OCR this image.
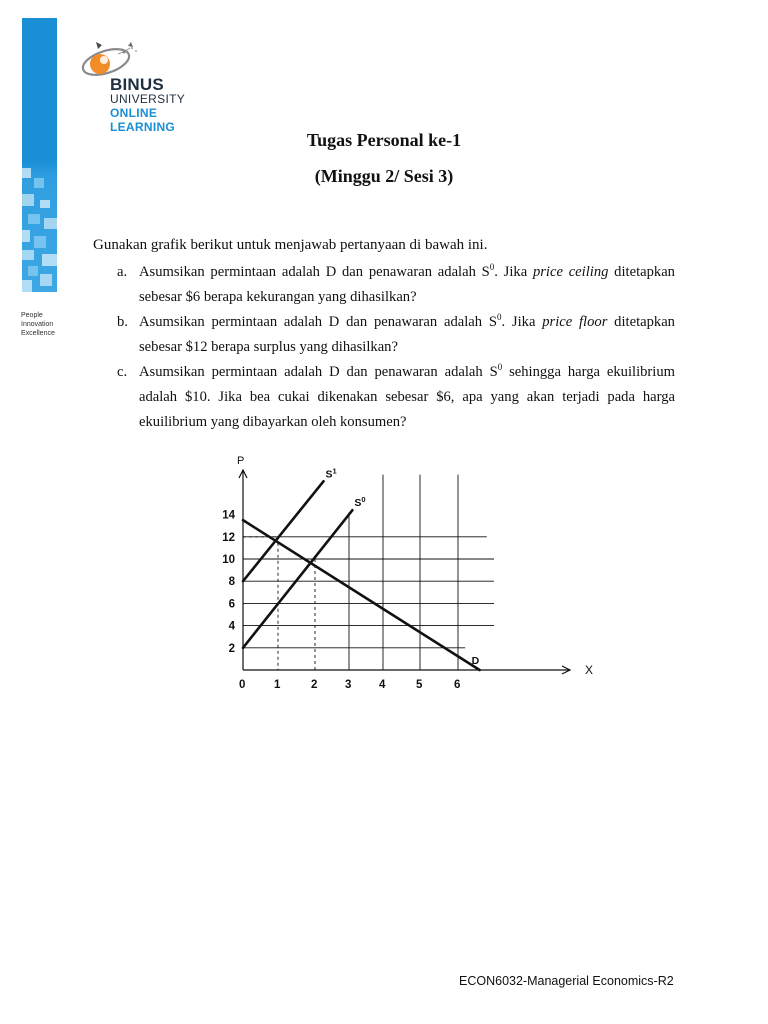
People
Innovation
Excellence
BINUS
UNIVERSITY
ONLINE
LEARNING
Tugas Personal ke-1
(Minggu 2/ Sesi 3)
Gunakan grafik berikut untuk menjawab pertanyaan di bawah ini.
a. Asumsikan permintaan adalah D dan penawaran adalah $S^0$. Jika price ceiling ditetapkan sebesar $6 berapa kekurangan yang dihasilkan?
b. Asumsikan permintaan adalah D dan penawaran adalah $S^0$. Jika price floor ditetapkan sebesar $12 berapa surplus yang dihasilkan?
c. Asumsikan permintaan adalah D dan penawaran adalah $S^0$ sehingga harga ekuilibrium adalah $10. Jika bea cukai dikenakan sebesar $6, apa yang akan terjadi pada harga ekuilibrium yang dibayarkan oleh konsumen?
P
X
0 1	2 3 4	5	6
2
4
6
8
10
12
14
$S^1$
$S^0$
D
ECON6032-Managerial Economics-R2
